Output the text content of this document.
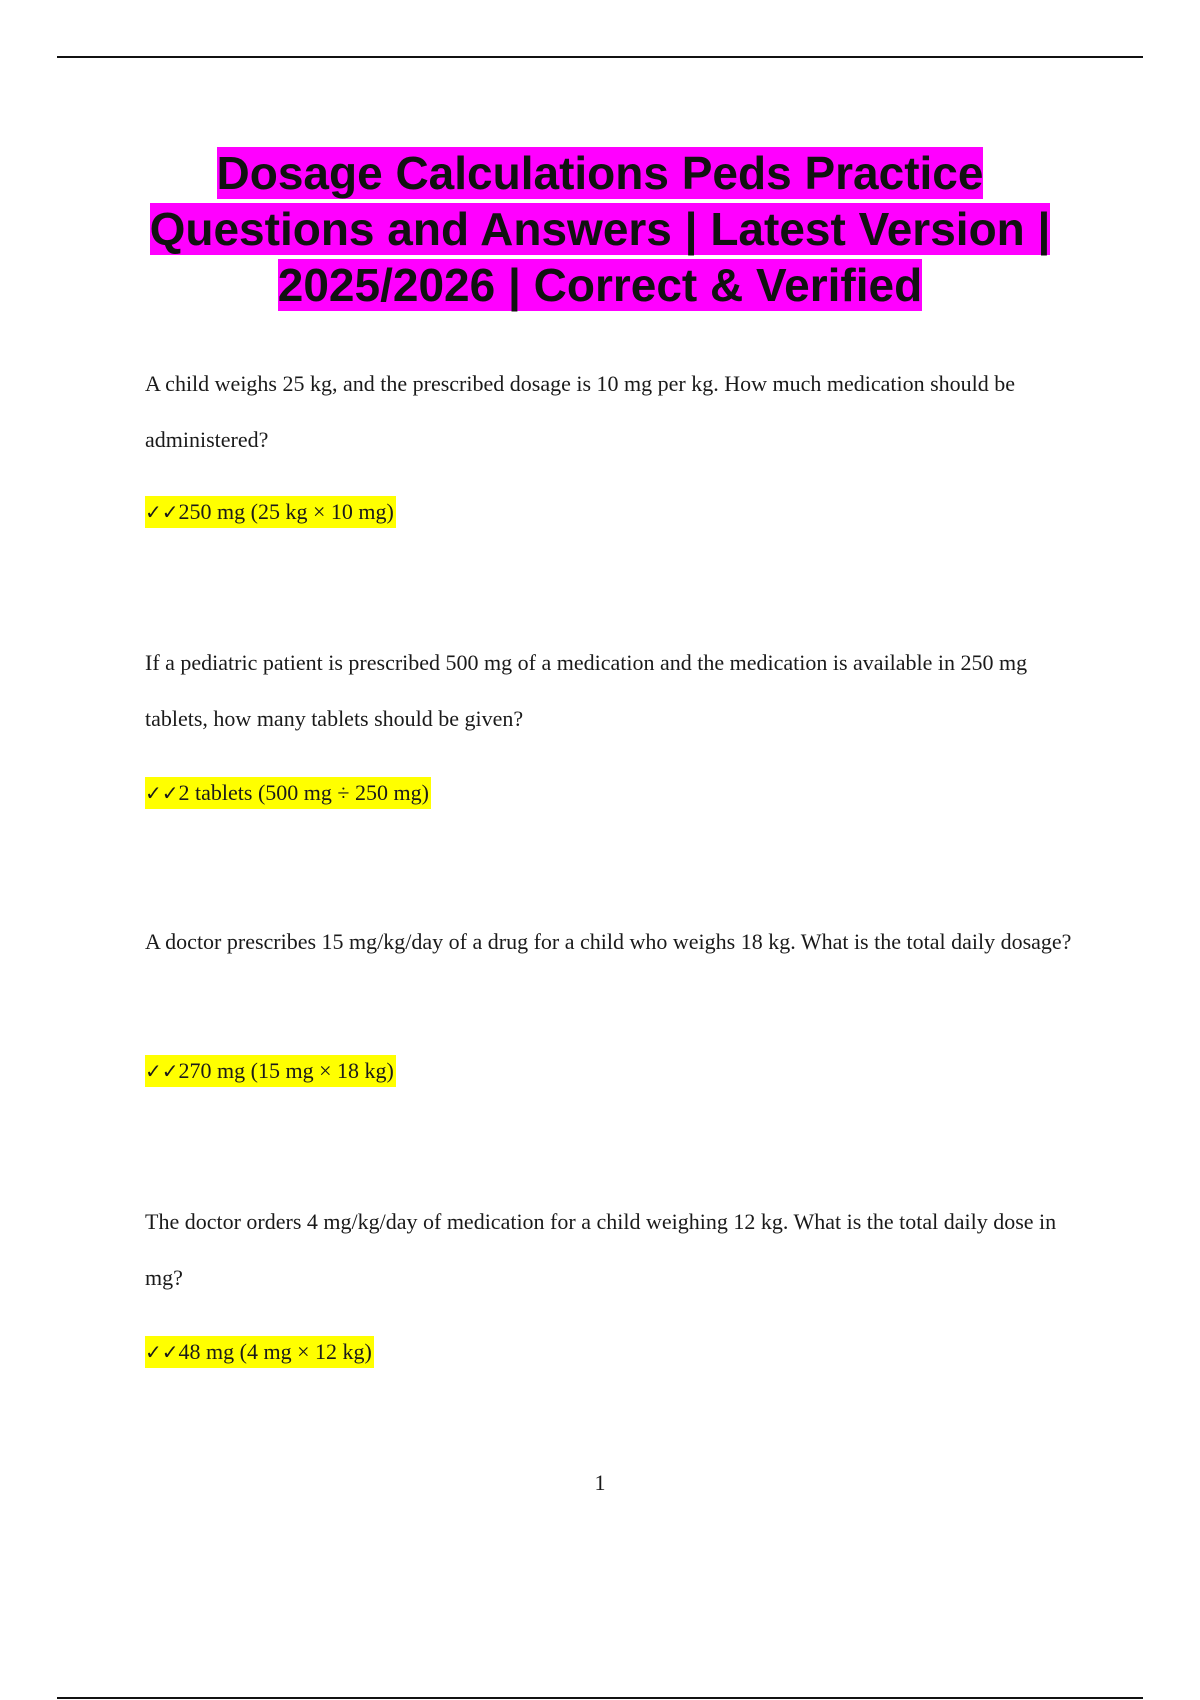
Dosage Calculations Peds Practice Questions and Answers | Latest Version | 2025/2026 | Correct & Verified
A child weighs 25 kg, and the prescribed dosage is 10 mg per kg. How much medication should be administered?
✓✓250 mg (25 kg × 10 mg)
If a pediatric patient is prescribed 500 mg of a medication and the medication is available in 250 mg tablets, how many tablets should be given?
✓✓2 tablets (500 mg ÷ 250 mg)
A doctor prescribes 15 mg/kg/day of a drug for a child who weighs 18 kg. What is the total daily dosage?
✓✓270 mg (15 mg × 18 kg)
The doctor orders 4 mg/kg/day of medication for a child weighing 12 kg. What is the total daily dose in mg?
✓✓48 mg (4 mg × 12 kg)
1
